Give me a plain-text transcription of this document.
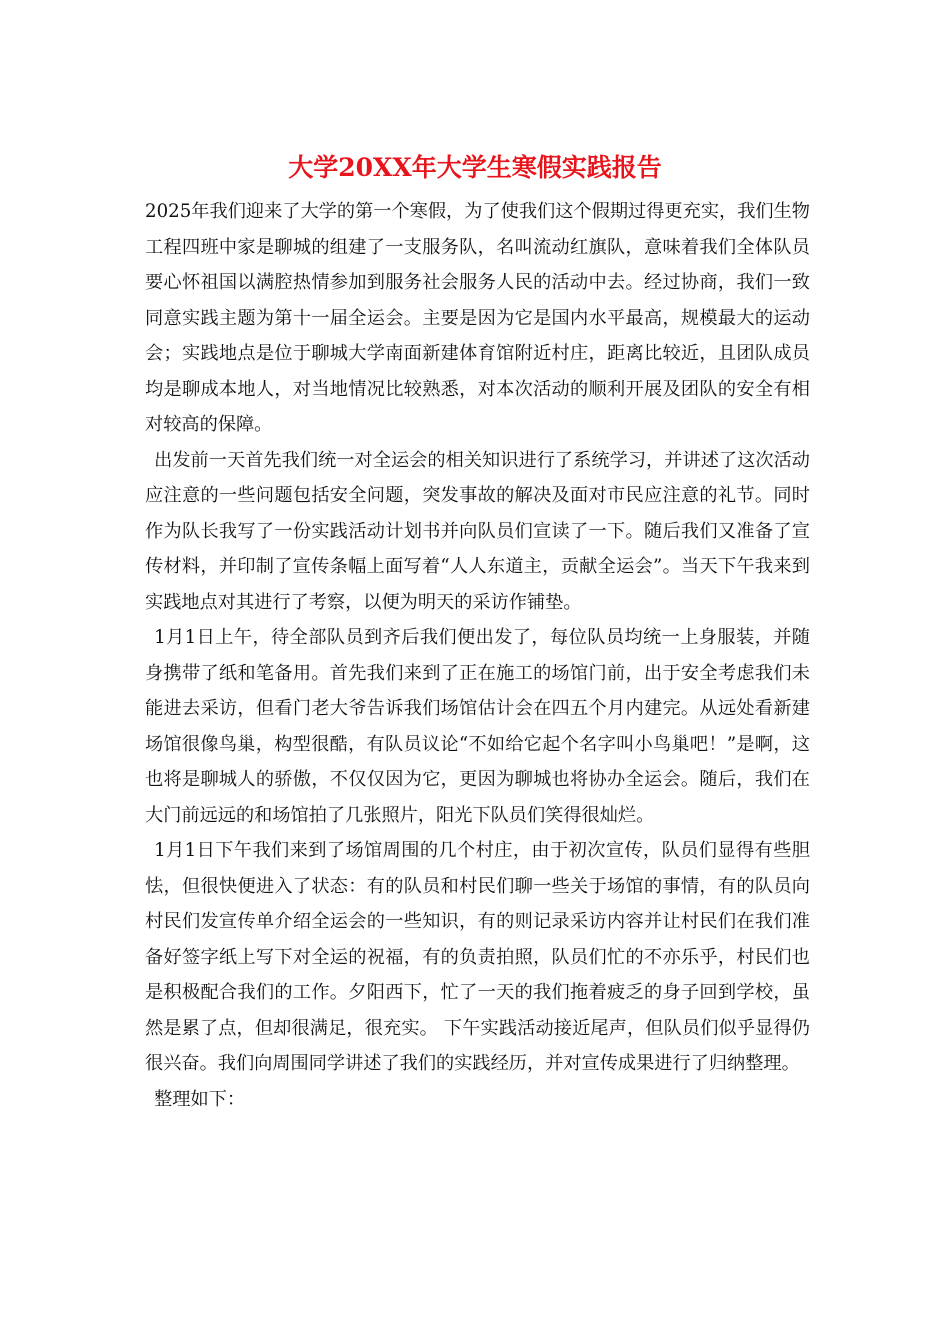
大学20XX年大学生寒假实践报告

2025年我们迎来了大学的第一个寒假，为了使我们这个假期过得更充实，我们生物工程四班中家是聊城的组建了一支服务队，名叫流动红旗队，意味着我们全体队员要心怀祖国以满腔热情参加到服务社会服务人民的活动中去。经过协商，我们一致同意实践主题为第十一届全运会。主要是因为它是国内水平最高，规模最大的运动会；实践地点是位于聊城大学南面新建体育馆附近村庄，距离比较近，且团队成员均是聊成本地人，对当地情况比较熟悉，对本次活动的顺利开展及团队的安全有相对较高的保障。

出发前一天首先我们统一对全运会的相关知识进行了系统学习，并讲述了这次活动应注意的一些问题包括安全问题，突发事故的解决及面对市民应注意的礼节。同时作为队长我写了一份实践活动计划书并向队员们宣读了一下。随后我们又准备了宣传材料，并印制了宣传条幅上面写着“人人东道主，贡献全运会”。当天下午我来到实践地点对其进行了考察，以便为明天的采访作铺垫。

1月1日上午，待全部队员到齐后我们便出发了，每位队员均统一上身服装，并随身携带了纸和笔备用。首先我们来到了正在施工的场馆门前，出于安全考虑我们未能进去采访，但看门老大爷告诉我们场馆估计会在四五个月内建完。从远处看新建场馆很像鸟巢，构型很酷，有队员议论“不如给它起个名字叫小鸟巢吧！”是啊，这也将是聊城人的骄傲，不仅仅因为它，更因为聊城也将协办全运会。随后，我们在大门前远远的和场馆拍了几张照片，阳光下队员们笑得很灿烂。

1月1日下午我们来到了场馆周围的几个村庄，由于初次宣传，队员们显得有些胆怯，但很快便进入了状态：有的队员和村民们聊一些关于场馆的事情，有的队员向村民们发宣传单介绍全运会的一些知识，有的则记录采访内容并让村民们在我们准备好签字纸上写下对全运的祝福，有的负责拍照，队员们忙的不亦乐乎，村民们也是积极配合我们的工作。夕阳西下，忙了一天的我们拖着疲乏的身子回到学校，虽然是累了点，但却很满足，很充实。 下午实践活动接近尾声，但队员们似乎显得仍很兴奋。我们向周围同学讲述了我们的实践经历，并对宣传成果进行了归纳整理。

整理如下：
